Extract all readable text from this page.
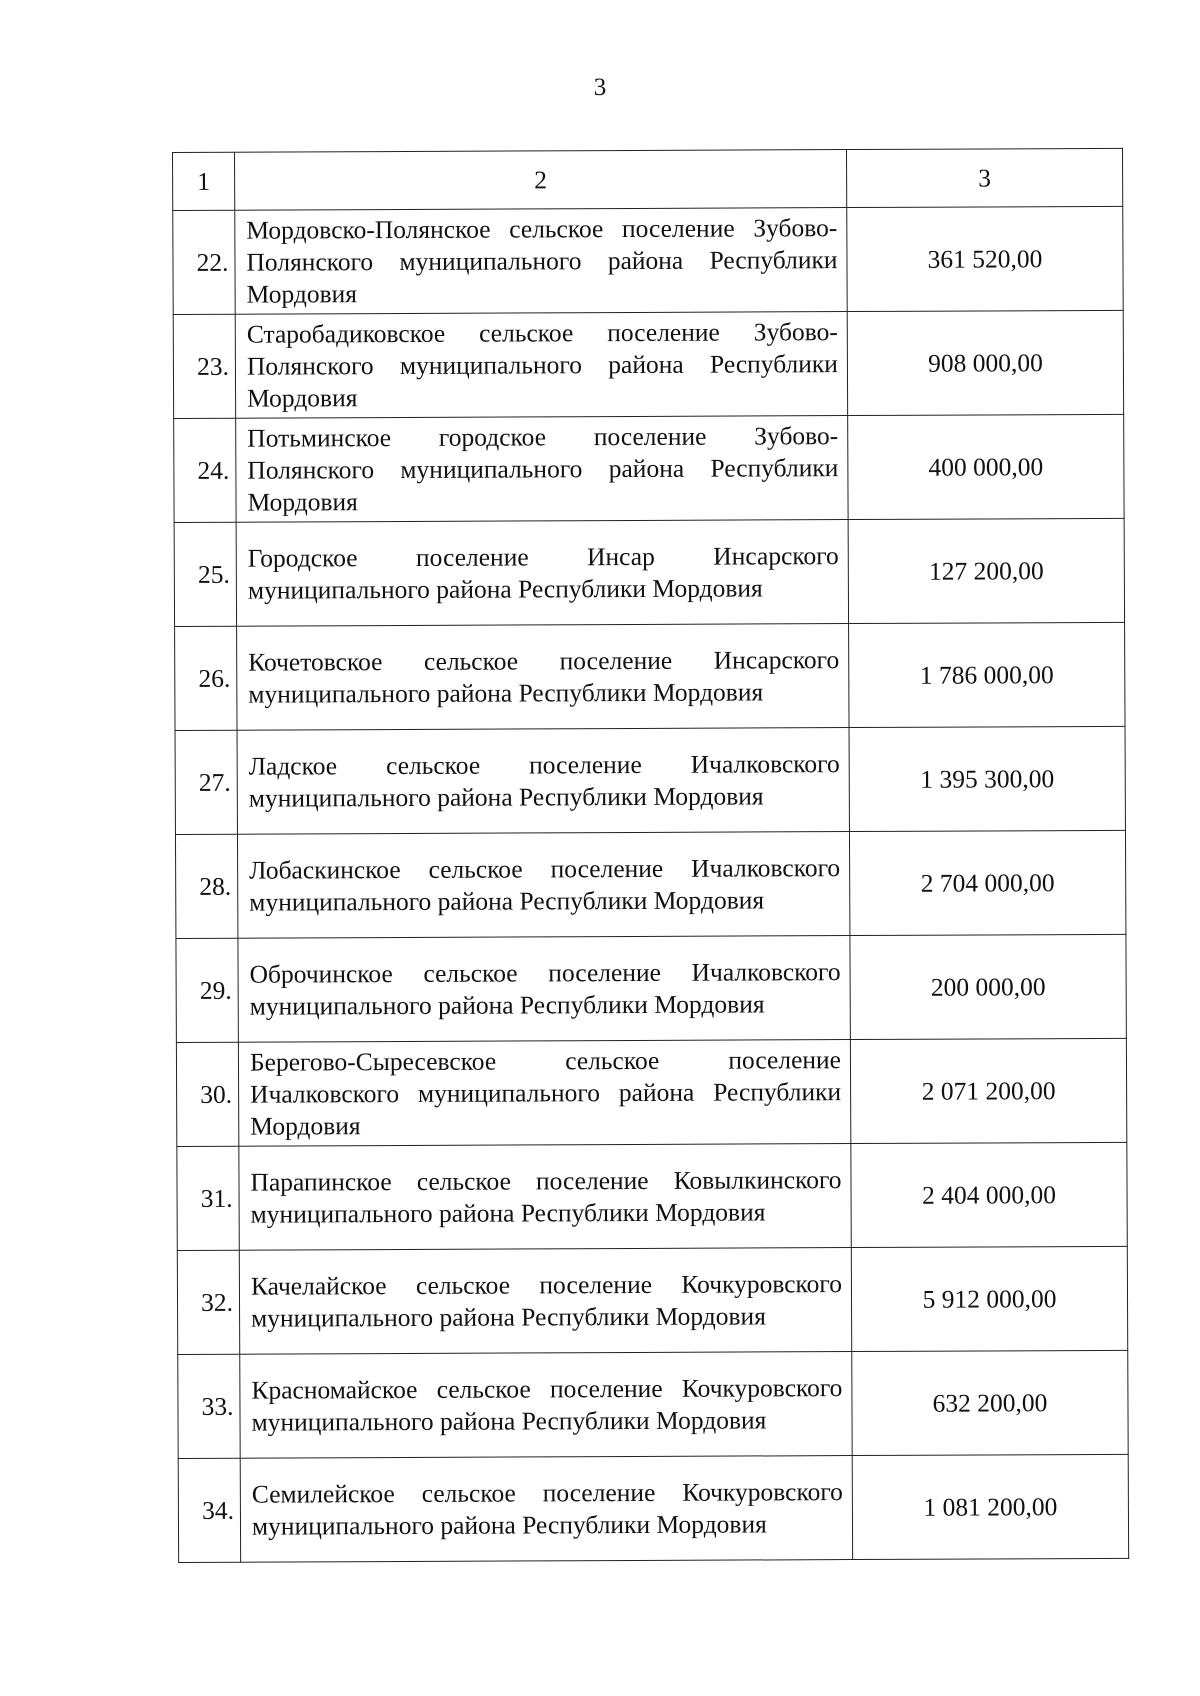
3
1	2	3
22.	Мордовско-Полянское сельское поселение Зубово-Полянского муниципального района Республики Мордовия	361 520,00
23.	Старобадиковское сельское поселение Зубово-Полянского муниципального района Республики Мордовия	908 000,00
24.	Потьминское городское поселение Зубово-Полянского муниципального района Республики Мордовия	400 000,00
25.	Городское поселение Инсар Инсарского муниципального района Республики Мордовия	127 200,00
26.	Кочетовское сельское поселение Инсарского муниципального района Республики Мордовия	1 786 000,00
27.	Ладское сельское поселение Ичалковского муниципального района Республики Мордовия	1 395 300,00
28.	Лобаскинское сельское поселение Ичалковского муниципального района Республики Мордовия	2 704 000,00
29.	Оброчинское сельское поселение Ичалковского муниципального района Республики Мордовия	200 000,00
30.	Берегово-Сыресевское сельское поселение Ичалковского муниципального района Республики Мордовия	2 071 200,00
31.	Парапинское сельское поселение Ковылкинского муниципального района Республики Мордовия	2 404 000,00
32.	Качелайское сельское поселение Кочкуровского муниципального района Республики Мордовия	5 912 000,00
33.	Красномайское сельское поселение Кочкуровского муниципального района Республики Мордовия	632 200,00
34.	Семилейское сельское поселение Кочкуровского муниципального района Республики Мордовия	1 081 200,00
